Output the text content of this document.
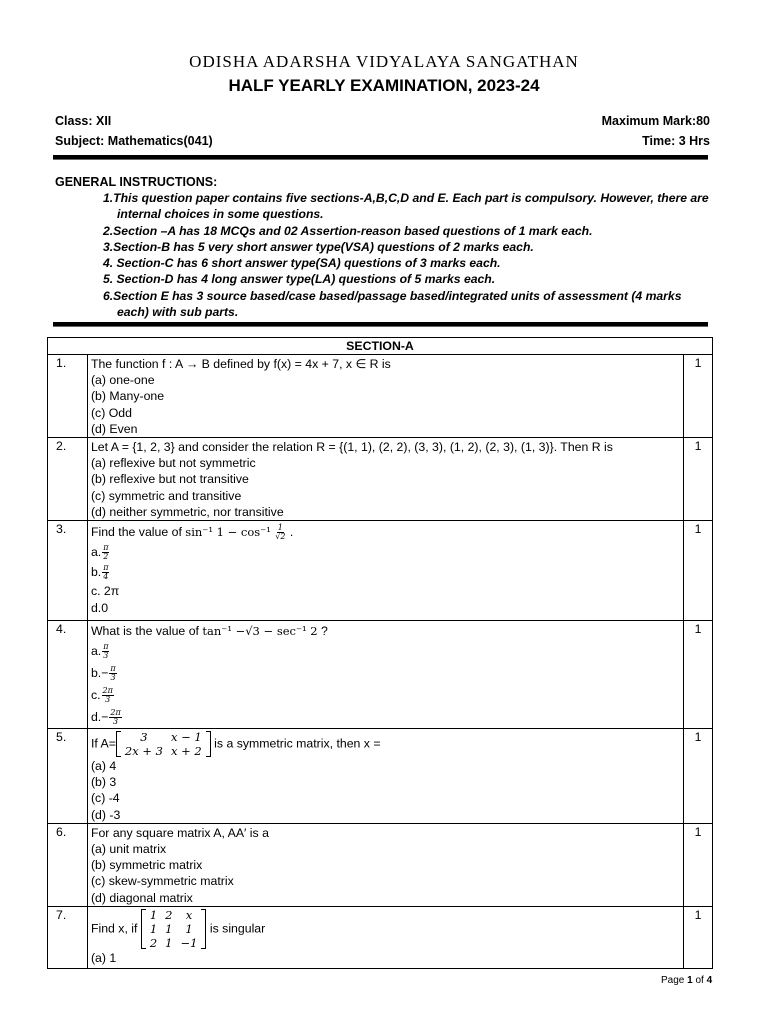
ODISHA ADARSHA VIDYALAYA SANGATHAN
HALF YEARLY EXAMINATION, 2023-24
Class: XII	Maximum Mark:80
Subject: Mathematics(041)	Time: 3 Hrs
GENERAL INSTRUCTIONS:
1.This question paper contains five sections-A,B,C,D and E. Each part is compulsory. However, there are
internal choices in some questions.
2.Section –A has 18 MCQs and 02 Assertion-reason based questions of 1 mark each.
3.Section-B has 5 very short answer type(VSA) questions of 2 marks each.
4. Section-C has 6 short answer type(SA) questions of 3 marks each.
5. Section-D has 4 long answer type(LA) questions of 5 marks each.
6.Section E has 3 source based/case based/passage based/integrated units of assessment (4 marks
each) with sub parts.
SECTION-A
1.	The function f : A → B defined by f(x) = 4x + 7, x ∈ R is
(a) one-one
(b) Many-one
(c) Odd
(d) Even
	1
2.	Let A = {1, 2, 3} and consider the relation R = {(1, 1), (2, 2), (3, 3), (1, 2), (2, 3), (1, 3)}. Then R is
(a) reflexive but not symmetric
(b) reflexive but not transitive
(c) symmetric and transitive
(d) neither symmetric, nor transitive
	1
3.	Find the value of sin⁻¹ $1 - \cos^{-1} \frac{1}{√2}$ .
a. $\frac{\pi}{2}$
b. $\frac{\pi}{4}$
c. 2π
d.0
	1
4.	What is the value of tan⁻¹ −√3 − sec⁻¹ 2 ?
a. $\frac{\pi}{3}$
$b.- \frac{\pi}{3}$
c. $\frac{2\pi}{3}$
$d.- \frac{2\pi}{3}$
	1
5.	If A= 3	x − 1
2x + 3	x + 2
is a symmetric matrix, then x =
(a) 4
(b) 3
(c) -4
(d) -3
	1
6.	For any square matrix A, AA′ is a
(a) unit matrix
(b) symmetric matrix
(c) skew-symmetric matrix
(d) diagonal matrix
	1
7.	
Find x, if
1	2	x
1	1	1
2	1	−1
is singular
(a) 1
	1
Page 1 of 4
